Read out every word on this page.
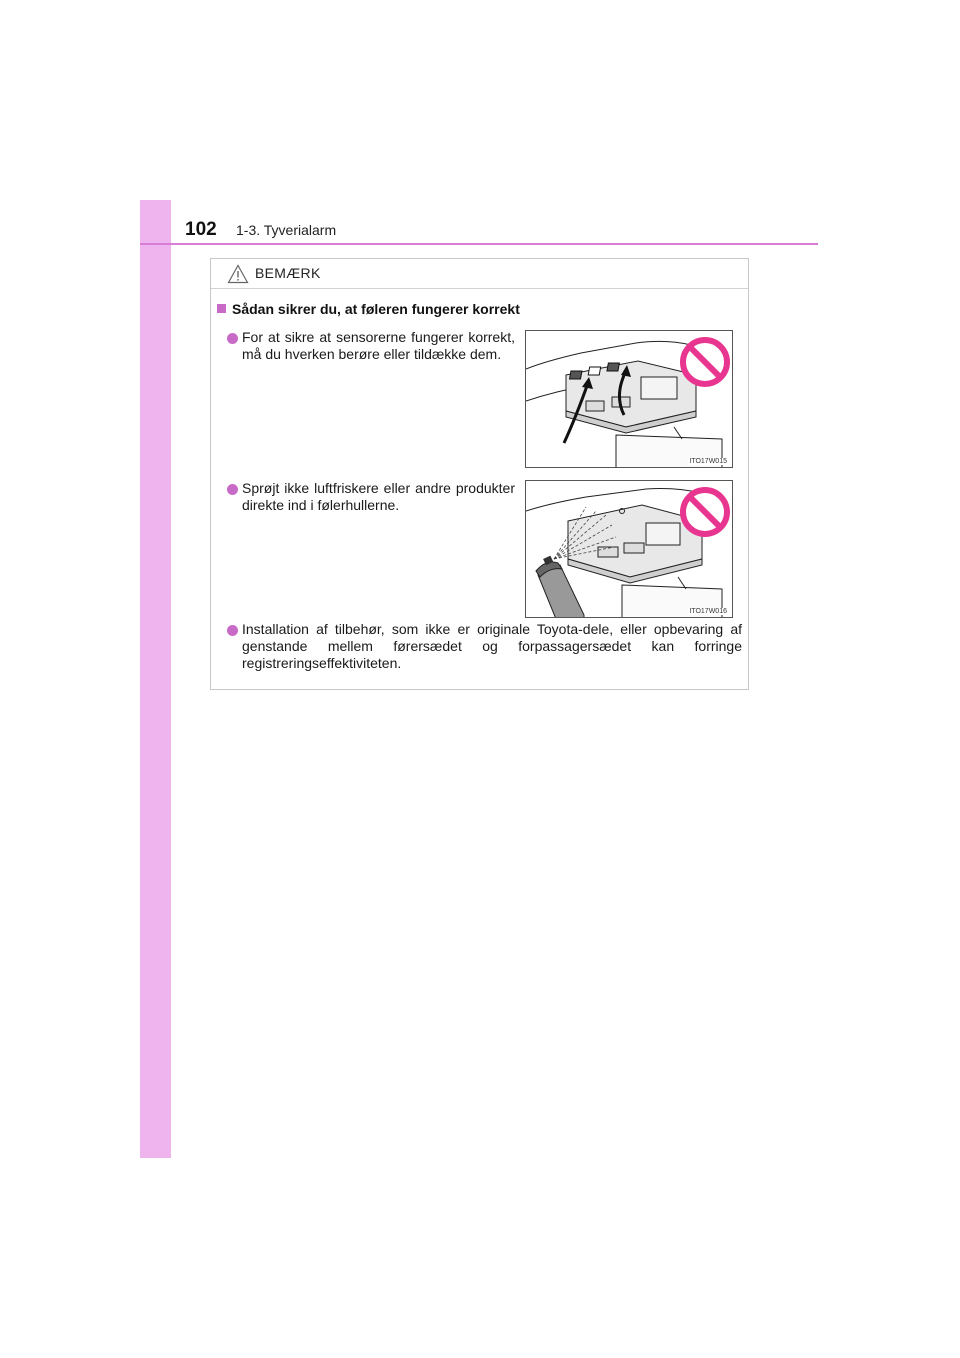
102 1-3. Tyverialarm
BEMÆRK
Sådan sikrer du, at føleren fungerer korrekt
For at sikre at sensorerne fungerer korrekt, må du hverken berøre eller tildække dem.
Sprøjt ikke luftfriskere eller andre produkter direkte ind i følerhullerne.
Installation af tilbehør, som ikke er originale Toyota-dele, eller opbevaring af genstande mellem førersædet og forpassagersædet kan forringe registreringseffektiviteten.
ITO17W015
ITO17W016
